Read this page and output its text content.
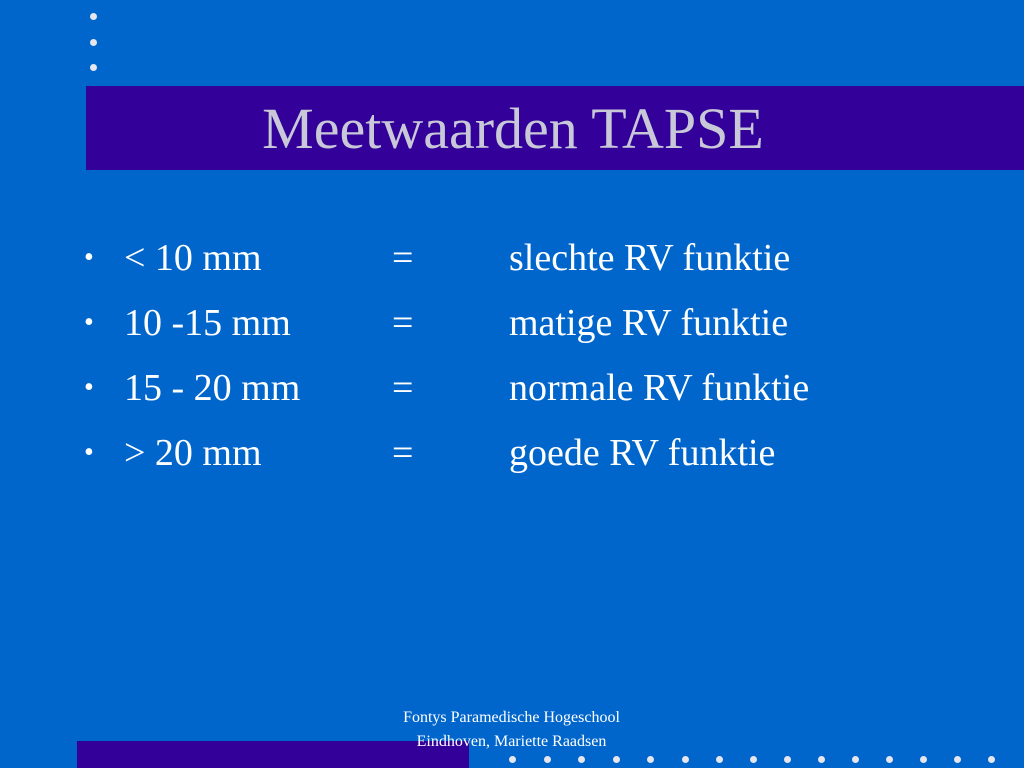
Meetwaarden TAPSE
• < 10 mm	=	slechte RV funktie
• 10 -15 mm	=	matige RV funktie
• 15 - 20 mm =	normale RV funktie
• > 20 mm	=	goede RV funktie
Fontys Paramedische Hogeschool
Eindhoven, Mariette Raadsen
